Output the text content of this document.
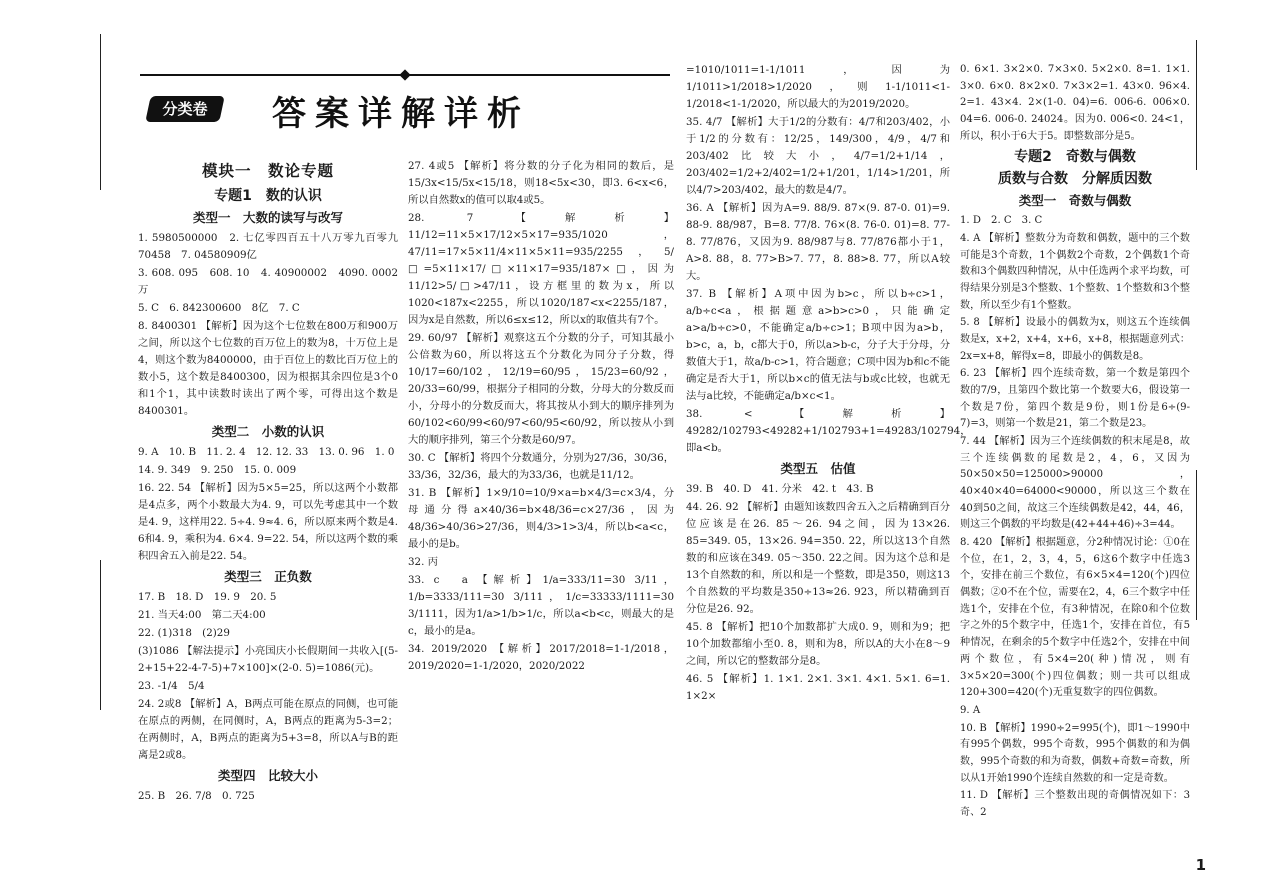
分类卷	答案详解详析
模块一　数论专题
专题1　数的认识
类型一　大数的读写与改写

1. 5980500000　2. 七亿零四百五十八万零九百零九　70458　7. 04580909亿

3. 608. 095　608. 10　4. 40900002　4090. 0002万

5. C　6. 842300600　8亿　7. C

8. 8400301 【解析】因为这个七位数在800万和900万之间，所以这个七位数的百万位上的数为8，十万位上是4，则这个数为8400000，由于百位上的数比百万位上的数小5，这个数是8400300，因为根据其余四位是3个0和1个1，其中读数时读出了两个零，可得出这个数是8400301。

类型二　小数的认识

9. A　10. B　11. 2. 4　12. 12. 33　13. 0. 96　1. 0

14. 9. 349　9. 250　15. 0. 009

16. 22. 54 【解析】因为5×5=25，所以这两个小数都是4点多，两个小数最大为4. 9，可以先考虑其中一个数是4. 9，这样用22. 5÷4. 9≈4. 6，所以原来两个数是4. 6和4. 9，乘积为4. 6×4. 9=22. 54，所以这两个数的乘积四舍五入前是22. 54。

类型三　正负数

17. B　18. D　19. 9　20. 5

21. 当天4:00　第二天4:00

22. (1)318　(2)29

(3)1086 【解法提示】小亮国庆小长假期间一共收入[(5-2+15+22-4-7-5)+7×100]×(2-0. 5)=1086(元)。

23. -1/4　5/4

24. 2或8 【解析】A，B两点可能在原点的同侧，也可能在原点的两侧，在同侧时，A，B两点的距离为5-3=2；在两侧时，A，B两点的距离为5+3=8，所以A与B的距离是2或8。

类型四　比较大小

25. B　26. 7/8　0. 725

27. 4或5 【解析】将分数的分子化为相同的数后，是15/3x<15/5x<15/18，则18<5x<30，即3. 6<x<6，所以自然数x的值可以取4或5。

28. 7 【解析】11/12=11×5×17/12×5×17=935/1020，47/11=17×5×11/4×11×5×11=935/2255，5/□=5×11×17/□×11×17=935/187×□，因为11/12>5/□>47/11，设方框里的数为x，所以1020<187x<2255，所以1020/187<x<2255/187，因为x是自然数，所以6≤x≤12，所以x的取值共有7个。

29. 60/97 【解析】观察这五个分数的分子，可知其最小公倍数为60，所以将这五个分数化为同分子分数，得10/17=60/102，12/19=60/95，15/23=60/92，20/33=60/99，根据分子相同的分数，分母大的分数反而小，分母小的分数反而大，将其按从小到大的顺序排列为60/102<60/99<60/97<60/95<60/92，所以按从小到大的顺序排列，第三个分数是60/97。

30. C 【解析】将四个分数通分，分别为27/36，30/36，33/36，32/36，最大的为33/36，也就是11/12。

31. B 【解析】1×9/10=10/9×a=b×4/3=c×3/4，分母通分得a×40/36=b×48/36=c×27/36，因为48/36>40/36>27/36，则4/3>1>3/4，所以b<a<c，最小的是b。

32. 丙

33. c　a 【解析】1/a=333/11=30 3/11，1/b=3333/111=30 3/111，1/c=33333/1111=30 3/1111，因为1/a>1/b>1/c，所以a<b<c，则最大的是c，最小的是a。

34. 2019/2020 【解析】2017/2018=1-1/2018，2019/2020=1-1/2020，2020/2022

=1010/1011=1-1/1011，因为1/1011>1/2018>1/2020，则1-1/1011<1-1/2018<1-1/2020，所以最大的为2019/2020。

35. 4/7 【解析】大于1/2的分数有：4/7和203/402，小于1/2的分数有：12/25，149/300，4/9，4/7和203/402比较大小，4/7=1/2+1/14，203/402=1/2+2/402=1/2+1/201，1/14>1/201，所以4/7>203/402，最大的数是4/7。

36. A 【解析】因为A=9. 88/9. 87×(9. 87-0. 01)=9. 88-9. 88/987，B=8. 77/8. 76×(8. 76-0. 01)=8. 77-8. 77/876，又因为9. 88/987与8. 77/876都小于1，A>8. 88，8. 77>B>7. 77，8. 88>8. 77，所以A较大。

37. B 【解析】A项中因为b>c，所以b÷c>1，a/b÷c<a，根据题意a>b>c>0，只能确定a>a/b÷c>0，不能确定a/b÷c>1；B项中因为a>b，b>c，a，b，c都大于0，所以a>b-c，分子大于分母，分数值大于1，故a/b-c>1，符合题意；C项中因为b和c不能确定是否大于1，所以b×c的值无法与b或c比较，也就无法与a比较，不能确定a/b×c<1。

38. < 【解析】49282/102793<49282+1/102793+1=49283/102794，即a<b。

类型五　估值

39. B　40. D　41. 分米　42. t　43. B

44. 26. 92 【解析】由题知该数四舍五入之后精确到百分位应该是在26. 85～26. 94之间，因为13×26. 85=349. 05，13×26. 94=350. 22，所以这13个自然数的和应该在349. 05～350. 22之间。因为这个总和是13个自然数的和，所以和是一个整数，即是350，则这13个自然数的平均数是350÷13≈26. 923，所以精确到百分位是26. 92。

45. 8 【解析】把10个加数都扩大成0. 9，则和为9；把10个加数都缩小至0. 8，则和为8，所以A的大小在8～9之间，所以它的整数部分是8。

46. 5 【解析】1. 1×1. 2×1. 3×1. 4×1. 5×1. 6=1. 1×2×

0. 6×1. 3×2×0. 7×3×0. 5×2×0. 8=1. 1×1. 3×0. 6×0. 8×2×0. 7×3×2=1. 43×0. 96×4. 2=1. 43×4. 2×(1-0. 04)=6. 006-6. 006×0. 04=6. 006-0. 24024。因为0. 006<0. 24<1，所以，积小于6大于5。即整数部分是5。

专题2　奇数与偶数
质数与合数　分解质因数
类型一　奇数与偶数

1. D　2. C　3. C

4. A 【解析】整数分为奇数和偶数，题中的三个数可能是3个奇数，1个偶数2个奇数，2个偶数1个奇数和3个偶数四种情况，从中任选两个求平均数，可得结果分别是3个整数、1个整数、1个整数和3个整数，所以至少有1个整数。

5. 8 【解析】设最小的偶数为x，则这五个连续偶数是x，x+2，x+4，x+6，x+8，根据题意列式：2x=x+8，解得x=8，即最小的偶数是8。

6. 23 【解析】四个连续奇数，第一个数是第四个数的7/9，且第四个数比第一个数要大6，假设第一个数是7份，第四个数是9份，则1份是6÷(9-7)=3，则第一个数是21，第二个数是23。

7. 44 【解析】因为三个连续偶数的积末尾是8，故三个连续偶数的尾数是2，4，6，又因为50×50×50=125000>90000，40×40×40=64000<90000，所以这三个数在40到50之间，故这三个连续偶数是42，44，46，则这三个偶数的平均数是(42+44+46)÷3=44。

8. 420 【解析】根据题意，分2种情况讨论：①0在个位，在1，2，3，4，5，6这6个数字中任选3个，安排在前三个数位，有6×5×4=120(个)四位偶数；②0不在个位，需要在2，4，6三个数字中任选1个，安排在个位，有3种情况，在除0和个位数字之外的5个数字中，任选1个，安排在首位，有5种情况，在剩余的5个数字中任选2个，安排在中间两个数位，有5×4=20(种)情况，则有3×5×20=300(个)四位偶数；则一共可以组成120+300=420(个)无重复数字的四位偶数。

9. A

10. B 【解析】1990÷2=995(个)，即1～1990中有995个偶数，995个奇数，995个偶数的和为偶数，995个奇数的和为奇数，偶数+奇数=奇数，所以从1开始1990个连续自然数的和一定是奇数。

11. D 【解析】三个整数出现的奇偶情况如下：3奇、2

1
